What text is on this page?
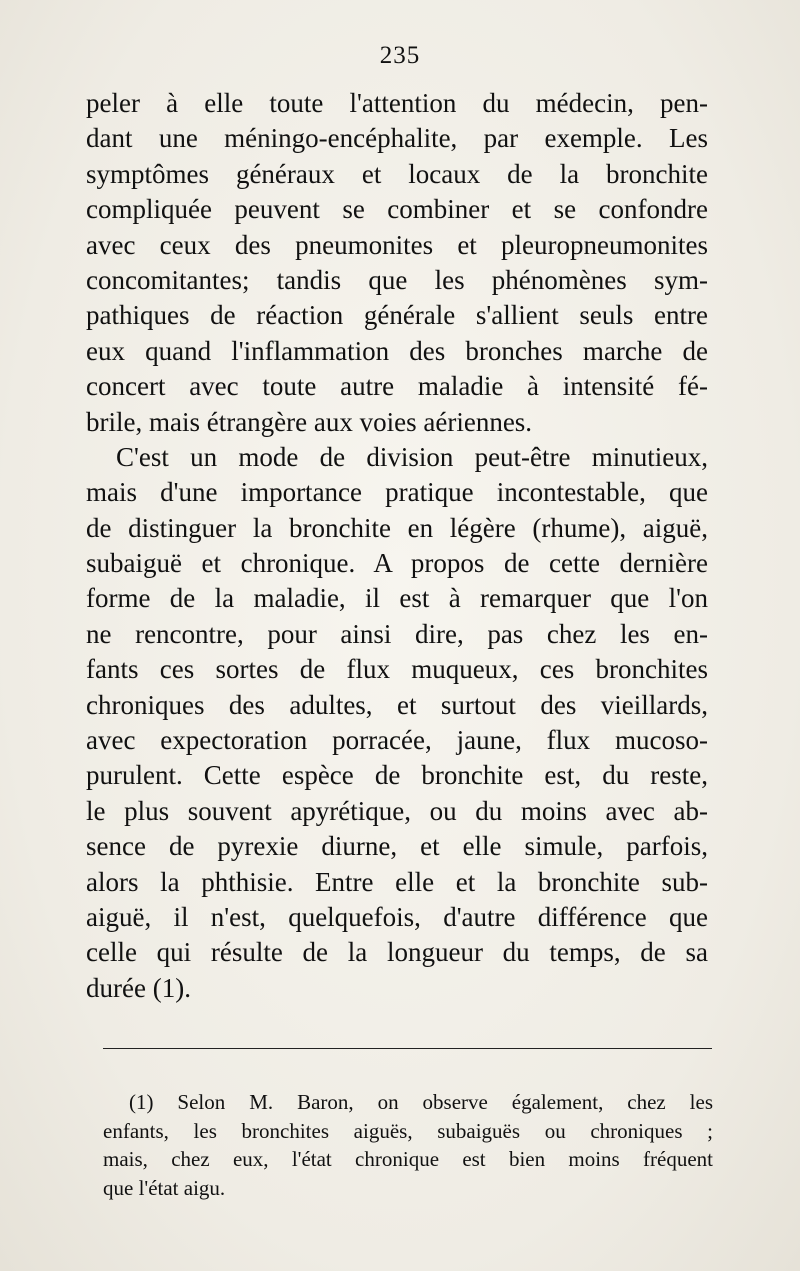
235
peler à elle toute l'attention du médecin, pen-
dant une méningo-encéphalite, par exemple. Les
symptômes généraux et locaux de la bronchite
compliquée peuvent se combiner et se confondre
avec ceux des pneumonites et pleuropneumonites
concomitantes; tandis que les phénomènes sym-
pathiques de réaction générale s'allient seuls entre
eux quand l'inflammation des bronches marche de
concert avec toute autre maladie à intensité fé-
brile, mais étrangère aux voies aériennes.
C'est un mode de division peut-être minutieux,
mais d'une importance pratique incontestable, que
de distinguer la bronchite en légère (rhume), aiguë,
subaiguë et chronique. A propos de cette dernière
forme de la maladie, il est à remarquer que l'on
ne rencontre, pour ainsi dire, pas chez les en-
fants ces sortes de flux muqueux, ces bronchites
chroniques des adultes, et surtout des vieillards,
avec expectoration porracée, jaune, flux mucoso-
purulent. Cette espèce de bronchite est, du reste,
le plus souvent apyrétique, ou du moins avec ab-
sence de pyrexie diurne, et elle simule, parfois,
alors la phthisie. Entre elle et la bronchite sub-
aiguë, il n'est, quelquefois, d'autre différence que
celle qui résulte de la longueur du temps, de sa
durée (1).
(1) Selon M. Baron, on observe également, chez les
enfants, les bronchites aiguës, subaiguës ou chroniques ;
mais, chez eux, l'état chronique est bien moins fréquent
que l'état aigu.
